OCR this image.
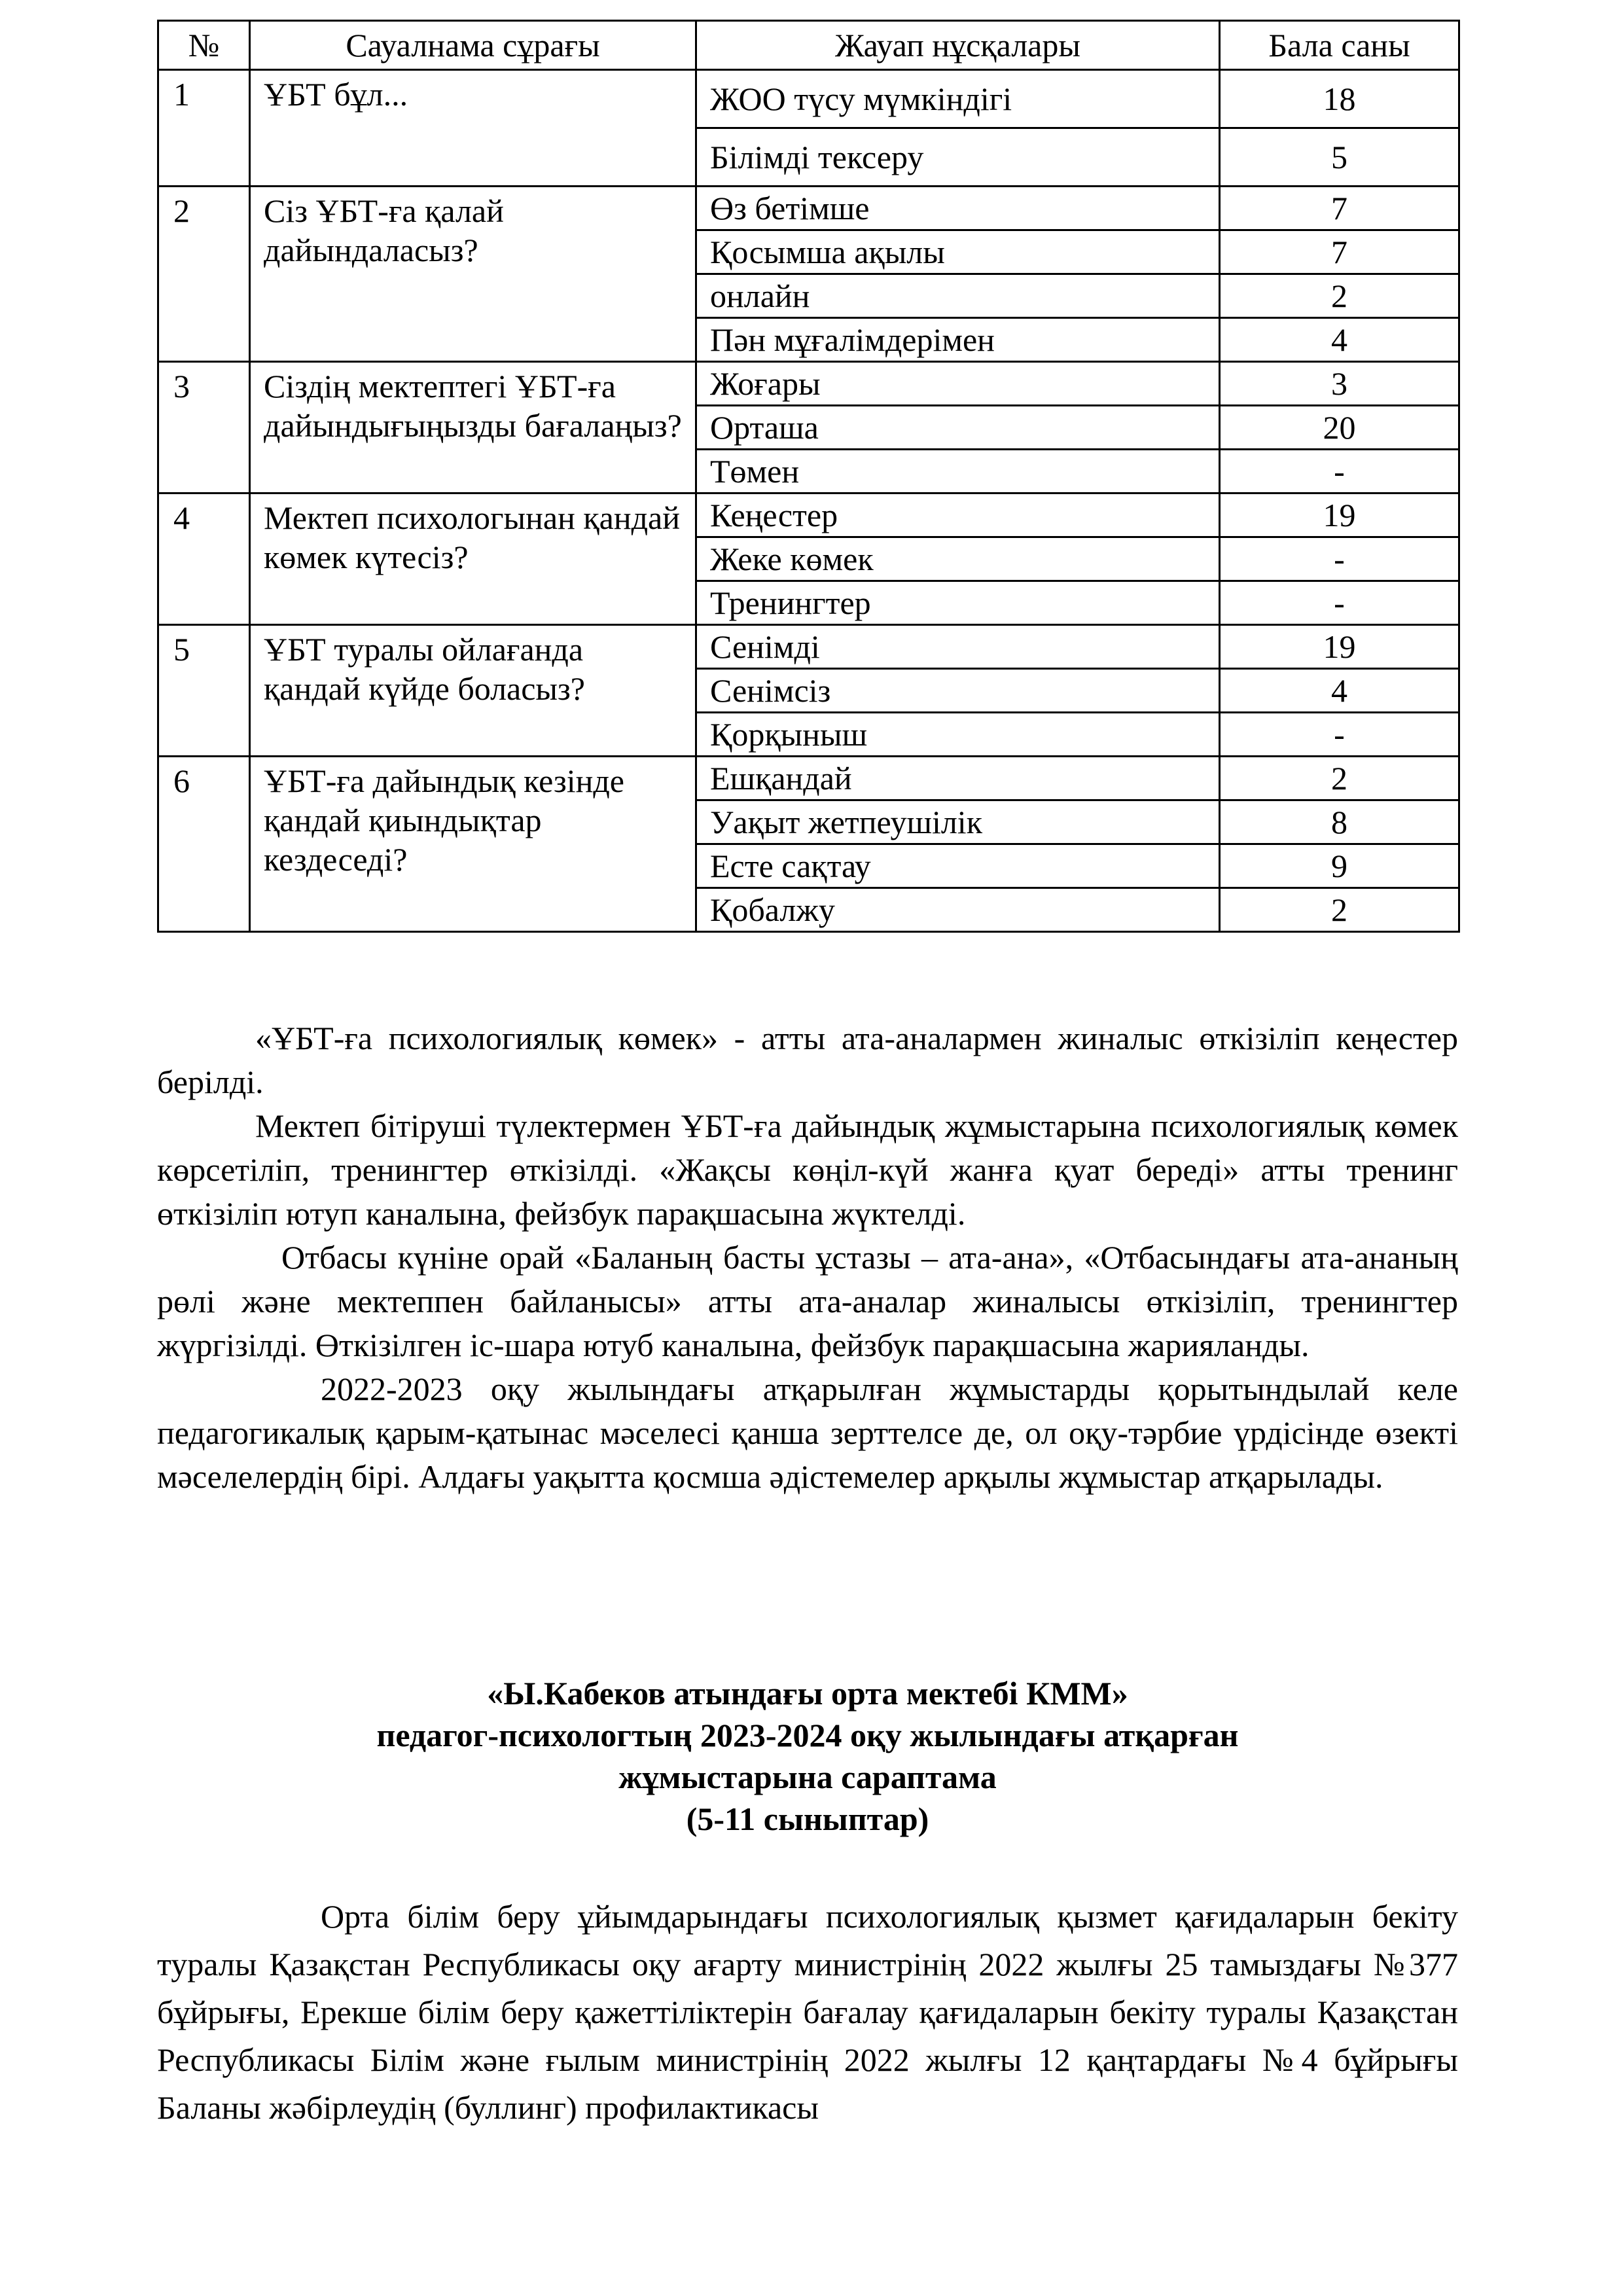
№	Сауалнама сұрағы	Жауап нұсқалары	Бала саны
1	ҰБТ бұл...	ЖОО түсу мүмкіндігі	18
		Білімді тексеру	5
2	Сіз ҰБТ-ға қалай дайындаласыз?	Өз бетімше	7
		Қосымша ақылы	7
		онлайн	2
		Пән мұғалімдерімен	4
3	Сіздің мектептегі ҰБТ-ға дайындығыңызды бағалаңыз?	Жоғары	3
		Орташа	20
		Төмен	-
4	Мектеп психологынан қандай көмек күтесіз?	Кеңестер	19
		Жеке көмек	-
		Тренингтер	-
5	ҰБТ туралы ойлағанда қандай күйде боласыз?	Сенімді	19
		Сенімсіз	4
		Қорқыныш	-
6	ҰБТ-ға дайындық кезінде қандай қиындықтар кездеседі?	Ешқандай	2
		Уақыт жетпеушілік	8
		Есте сақтау	9
		Қобалжу	2

«ҰБТ-ға психологиялық көмек» - атты ата-аналармен жиналыс өткізіліп кеңестер берілді.

Мектеп бітіруші түлектермен ҰБТ-ға дайындық жұмыстарына психологиялық көмек көрсетіліп, тренингтер өткізілді. «Жақсы көңіл-күй жанға қуат береді» атты тренинг өткізіліп ютуп каналына, фейзбук парақшасына жүктелді.

Отбасы күніне орай «Баланың басты ұстазы – ата-ана», «Отбасындағы ата-ананың рөлі және мектеппен байланысы» атты ата-аналар жиналысы өткізіліп, тренингтер жүргізілді. Өткізілген іс-шара ютуб каналына, фейзбук парақшасына жарияланды.

2022-2023 оқу жылындағы атқарылған жұмыстарды қорытындылай келе педагогикалық қарым-қатынас мәселесі қанша зерттелсе де, ол оқу-тәрбие үрдісінде өзекті мәселелердің бірі. Алдағы уақытта қосмша әдістемелер арқылы жұмыстар атқарылады.

«Ы.Кабеков атындағы орта мектебі КММ»
педагог-психологтың 2023-2024 оқу жылындағы атқарған
жұмыстарына сараптама
(5-11 сыныптар)

Орта білім беру ұйымдарындағы психологиялық қызмет қағидаларын бекіту туралы Қазақстан Республикасы оқу ағарту министрінің 2022 жылғы 25 тамыздағы №377 бұйрығы, Ерекше білім беру қажеттіліктерін бағалау қағидаларын бекіту туралы Қазақстан Республикасы Білім және ғылым министрінің 2022 жылғы 12 қаңтардағы №4 бұйрығы Баланы жәбірлеудің (буллинг) профилактикасы
